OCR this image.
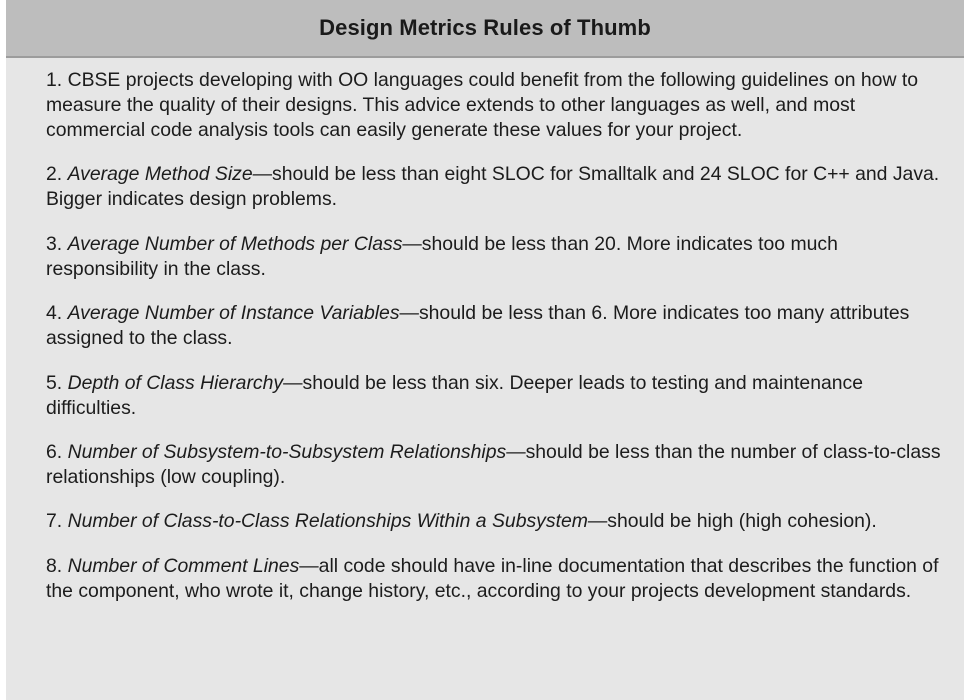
Design Metrics Rules of Thumb

1. CBSE projects developing with OO languages could benefit from the following guidelines on how to measure the quality of their designs. This advice extends to other languages as well, and most commercial code analysis tools can easily generate these values for your project.

2. Average Method Size—should be less than eight SLOC for Smalltalk and 24 SLOC for C++ and Java. Bigger indicates design problems.

3. Average Number of Methods per Class—should be less than 20. More indicates too much responsibility in the class.

4. Average Number of Instance Variables—should be less than 6. More indicates too many attributes assigned to the class.

5. Depth of Class Hierarchy—should be less than six. Deeper leads to testing and maintenance difficulties.

6. Number of Subsystem-to-Subsystem Relationships—should be less than the number of class-to-class relationships (low coupling).

7. Number of Class-to-Class Relationships Within a Subsystem—should be high (high cohesion).

8. Number of Comment Lines—all code should have in-line documentation that describes the function of the component, who wrote it, change history, etc., according to your projects development standards.
